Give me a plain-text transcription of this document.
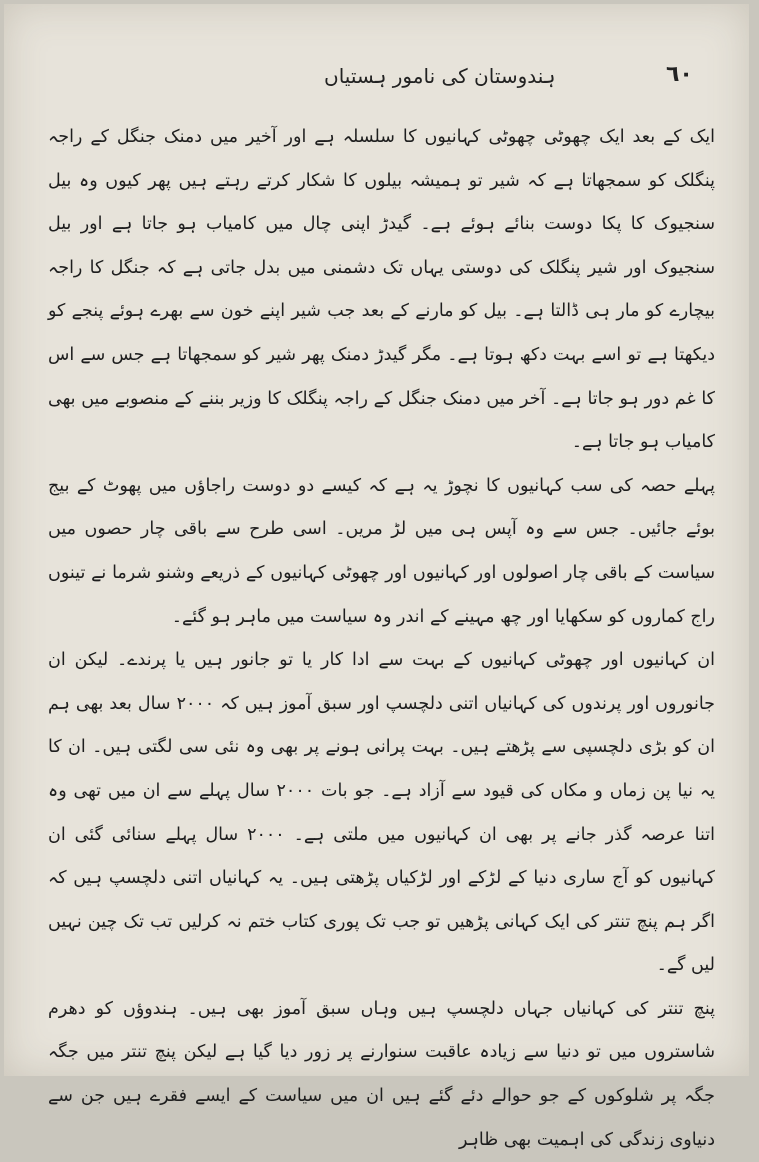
٦٠
ہندوستان کی نامور ہستیاں

ایک کے بعد ایک چھوٹی چھوٹی کہانیوں کا سلسلہ ہے اور آخیر میں دمنک جنگل کے راجہ پنگلک کو سمجھاتا ہے کہ شیر تو ہمیشہ بیلوں کا شکار کرتے رہتے ہیں پھر کیوں وہ بیل سنجیوک کا پکا دوست بنائے ہوئے ہے۔ گیدڑ اپنی چال میں کامیاب ہو جاتا ہے اور بیل سنجیوک اور شیر پنگلک کی دوستی یہاں تک دشمنی میں بدل جاتی ہے کہ جنگل کا راجہ بیچارے کو مار ہی ڈالتا ہے۔ بیل کو مارنے کے بعد جب شیر اپنے خون سے بھرے ہوئے پنجے کو دیکھتا ہے تو اسے بہت دکھ ہوتا ہے۔ مگر گیدڑ دمنک پھر شیر کو سمجھاتا ہے جس سے اس کا غم دور ہو جاتا ہے۔ آخر میں دمنک جنگل کے راجہ پنگلک کا وزیر بننے کے منصوبے میں بھی کامیاب ہو جاتا ہے۔

پہلے حصہ کی سب کہانیوں کا نچوڑ یہ ہے کہ کیسے دو دوست راجاؤں میں پھوٹ کے بیج بوئے جائیں۔ جس سے وہ آپس ہی میں لڑ مریں۔ اسی طرح سے باقی چار حصوں میں سیاست کے باقی چار اصولوں اور کہانیوں اور چھوٹی کہانیوں کے ذریعے وشنو شرما نے تینوں راج کماروں کو سکھایا اور چھ مہینے کے اندر وہ سیاست میں ماہر ہو گئے۔

ان کہانیوں اور چھوٹی کہانیوں کے بہت سے ادا کار یا تو جانور ہیں یا پرندے۔ لیکن ان جانوروں اور پرندوں کی کہانیاں اتنی دلچسپ اور سبق آموز ہیں کہ ٢٠٠٠ سال بعد بھی ہم ان کو بڑی دلچسپی سے پڑھتے ہیں۔ بہت پرانی ہونے پر بھی وہ نئی سی لگتی ہیں۔ ان کا یہ نیا پن زماں و مکاں کی قیود سے آزاد ہے۔ جو بات ٢٠٠٠ سال پہلے سے ان میں تھی وہ اتنا عرصہ گذر جانے پر بھی ان کہانیوں میں ملتی ہے۔ ٢٠٠٠ سال پہلے سنائی گئی ان کہانیوں کو آج ساری دنیا کے لڑکے اور لڑکیاں پڑھتی ہیں۔ یہ کہانیاں اتنی دلچسپ ہیں کہ اگر ہم پنچ تنتر کی ایک کہانی پڑھیں تو جب تک پوری کتاب ختم نہ کرلیں تب تک چین نہیں لیں گے۔

پنچ تنتر کی کہانیاں جہاں دلچسپ ہیں وہاں سبق آموز بھی ہیں۔ ہندوؤں کو دھرم شاستروں میں تو دنیا سے زیادہ عاقبت سنوارنے پر زور دیا گیا ہے لیکن پنچ تنتر میں جگہ جگہ پر شلوکوں کے جو حوالے دئے گئے ہیں ان میں سیاست کے ایسے فقرے ہیں جن سے دنیاوی زندگی کی اہمیت بھی ظاہر
